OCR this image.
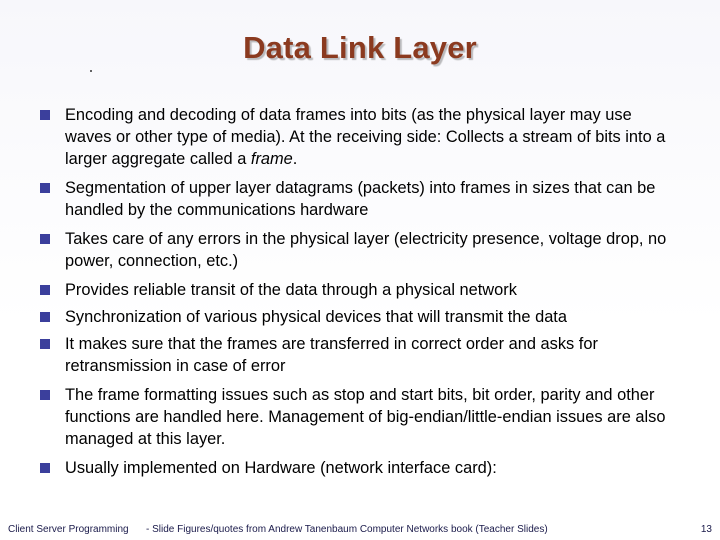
Data Link Layer
Encoding and decoding of data frames into bits (as the physical layer may use waves or other type of media). At the receiving side: Collects a stream of bits into a larger aggregate called a frame.
Segmentation of upper layer datagrams (packets) into frames in sizes that can be handled by the communications hardware
Takes care of any errors in the physical layer (electricity presence, voltage drop, no power, connection, etc.)
Provides reliable transit of the data through a physical network
Synchronization of various physical devices that will transmit the data
It makes sure that the frames are transferred in correct order and asks for retransmission in case of error
The frame formatting issues such as stop and start bits, bit order, parity and other functions are handled here. Management of big-endian/little-endian issues are also managed at this layer.
Usually implemented on Hardware (network interface card):
Client Server Programming - Slide Figures/quotes from Andrew Tanenbaum Computer Networks book (Teacher Slides)	13
